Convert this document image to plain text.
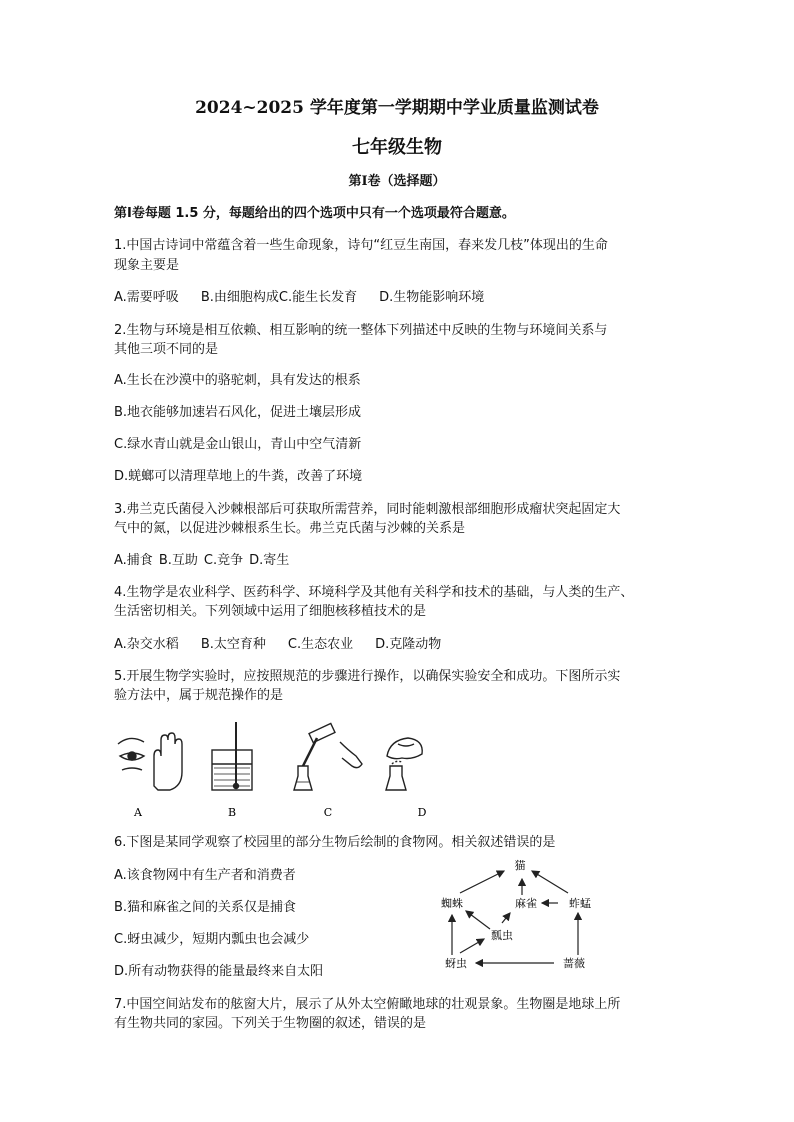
2024~2025 学年度第一学期期中学业质量监测试卷
七年级生物
第Ⅰ卷（选择题）
第Ⅰ卷每题 1.5 分，每题给出的四个选项中只有一个选项最符合题意。
1.中国古诗词中常蕴含着一些生命现象，诗句“红豆生南国，春来发几枝”体现出的生命
现象主要是
A.需要呼吸 B.由细胞构成 C.能生长发育 D.生物能影响环境
2.生物与环境是相互依赖、相互影响的统一整体下列描述中反映的生物与环境间关系与
其他三项不同的是
A.生长在沙漠中的骆驼刺，具有发达的根系
B.地衣能够加速岩石风化，促进土壤层形成
C.绿水青山就是金山银山，青山中空气清新
D.蜣螂可以清理草地上的牛粪，改善了环境
3.弗兰克氏菌侵入沙棘根部后可获取所需营养，同时能刺激根部细胞形成瘤状突起固定大
气中的氮，以促进沙棘根系生长。弗兰克氏菌与沙棘的关系是
A.捕食 B.互助 C.竞争 D.寄生
4.生物学是农业科学、医药科学、环境科学及其他有关科学和技术的基础，与人类的生产、
生活密切相关。下列领域中运用了细胞核移植技术的是
A.杂交水稻 B.太空育种 C.生态农业 D.克隆动物
5.开展生物学实验时，应按照规范的步骤进行操作，以确保实验安全和成功。下图所示实
验方法中，属于规范操作的是
A	B	C	D
6.下图是某同学观察了校园里的部分生物后绘制的食物网。相关叙述错误的是
A.该食物网中有生产者和消费者
B.猫和麻雀之间的关系仅是捕食
C.蚜虫减少，短期内瓢虫也会减少
D.所有动物获得的能量最终来自太阳
猫
蜘蛛	麻雀	蚱蜢
瓢虫
蚜虫	蔷薇
7.中国空间站发布的舷窗大片，展示了从外太空俯瞰地球的壮观景象。生物圈是地球上所
有生物共同的家园。下列关于生物圈的叙述，错误的是
